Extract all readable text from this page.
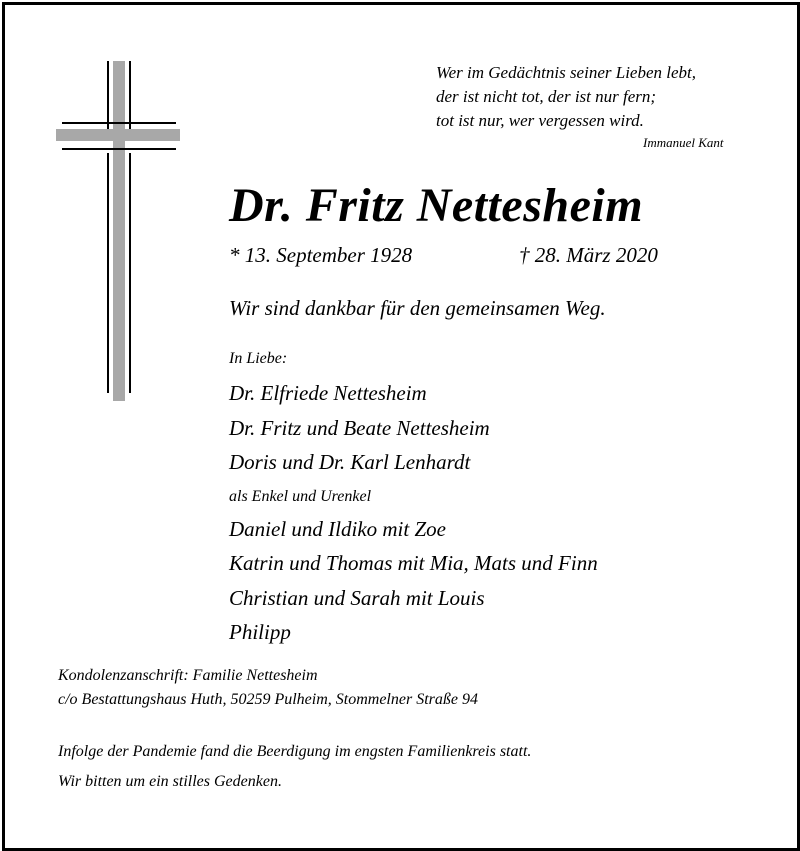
Wer im Gedächtnis seiner Lieben lebt,
der ist nicht tot, der ist nur fern;
tot ist nur, wer vergessen wird.
Immanuel Kant
Dr. Fritz Nettesheim
* 13. September 1928	† 28. März 2020
Wir sind dankbar für den gemeinsamen Weg.
In Liebe:
Dr. Elfriede Nettesheim
Dr. Fritz und Beate Nettesheim
Doris und Dr. Karl Lenhardt
als Enkel und Urenkel
Daniel und Ildiko mit Zoe
Katrin und Thomas mit Mia, Mats und Finn
Christian und Sarah mit Louis
Philipp
Kondolenzanschrift: Familie Nettesheim
c/o Bestattungshaus Huth, 50259 Pulheim, Stommelner Straße 94
Infolge der Pandemie fand die Beerdigung im engsten Familienkreis statt.
Wir bitten um ein stilles Gedenken.
